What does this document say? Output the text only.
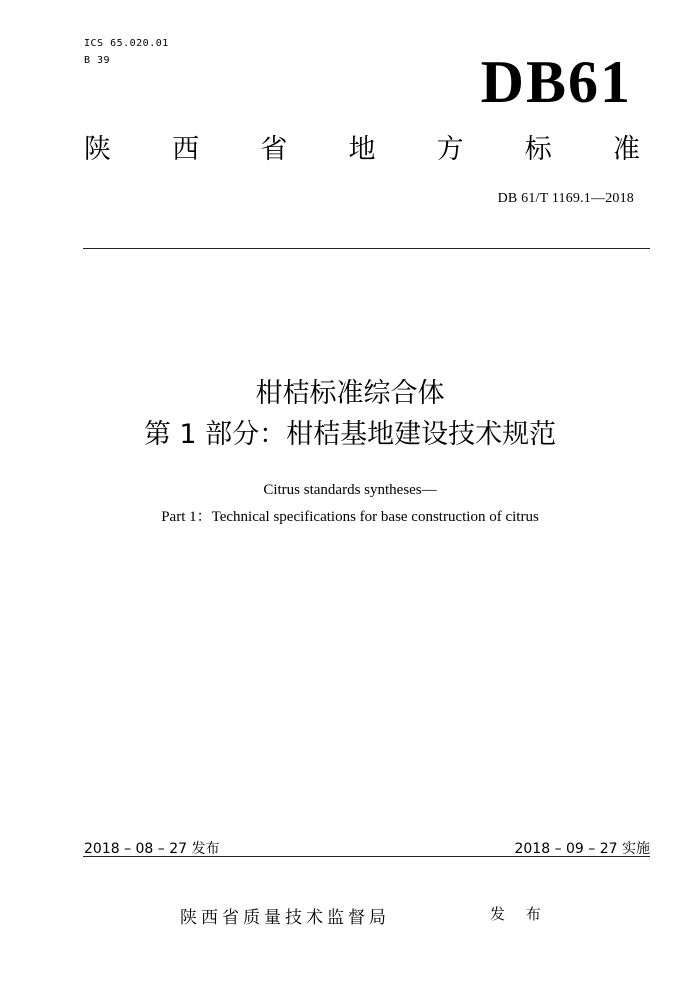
ICS 65.020.01
B 39	DB61
陕 西 省 地 方 标 准
DB 61/T 1169.1—2018
柑桔标准综合体
第 1 部分：柑桔基地建设技术规范
Citrus standards syntheses—
Part 1：Technical specifications for base construction of citrus
2018 – 08 – 27 发布	2018 – 09 – 27 实施
陕西省质量技术监督局	发 布
